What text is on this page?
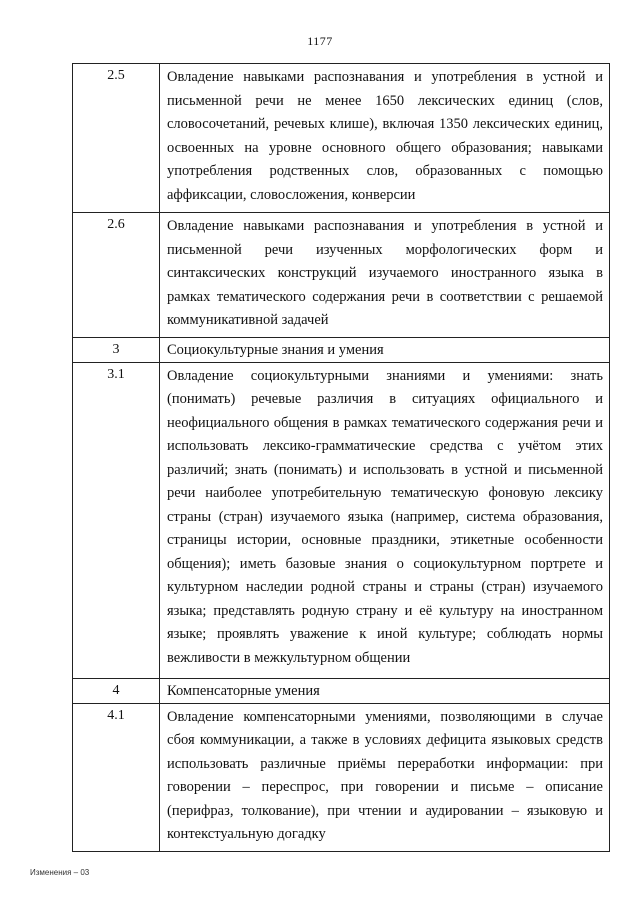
1177
2.5	Овладение навыками распознавания и употребления в устной и письменной речи не менее 1650 лексических единиц (слов, словосочетаний, речевых клише), включая 1350 лексических единиц, освоенных на уровне основного общего образования; навыками употребления родственных слов, образованных с помощью аффиксации, словосложения, конверсии
2.6	Овладение навыками распознавания и употребления в устной и письменной речи изученных морфологических форм и синтаксических конструкций изучаемого иностранного языка в рамках тематического содержания речи в соответствии с решаемой коммуникативной задачей
3	Социокультурные знания и умения
3.1	Овладение социокультурными знаниями и умениями: знать (понимать) речевые различия в ситуациях официального и неофициального общения в рамках тематического содержания речи и использовать лексико-грамматические средства с учётом этих различий; знать (понимать) и использовать в устной и письменной речи наиболее употребительную тематическую фоновую лексику страны (стран) изучаемого языка (например, система образования, страницы истории, основные праздники, этикетные особенности общения); иметь базовые знания о социокультурном портрете и культурном наследии родной страны и страны (стран) изучаемого языка; представлять родную страну и её культуру на иностранном языке; проявлять уважение к иной культуре; соблюдать нормы вежливости в межкультурном общении
4	Компенсаторные умения
4.1	Овладение компенсаторными умениями, позволяющими в случае сбоя коммуникации, а также в условиях дефицита языковых средств использовать различные приёмы переработки информации: при говорении – переспрос, при говорении и письме – описание (перифраз, толкование), при чтении и аудировании – языковую и контекстуальную догадку
Изменения – 03
